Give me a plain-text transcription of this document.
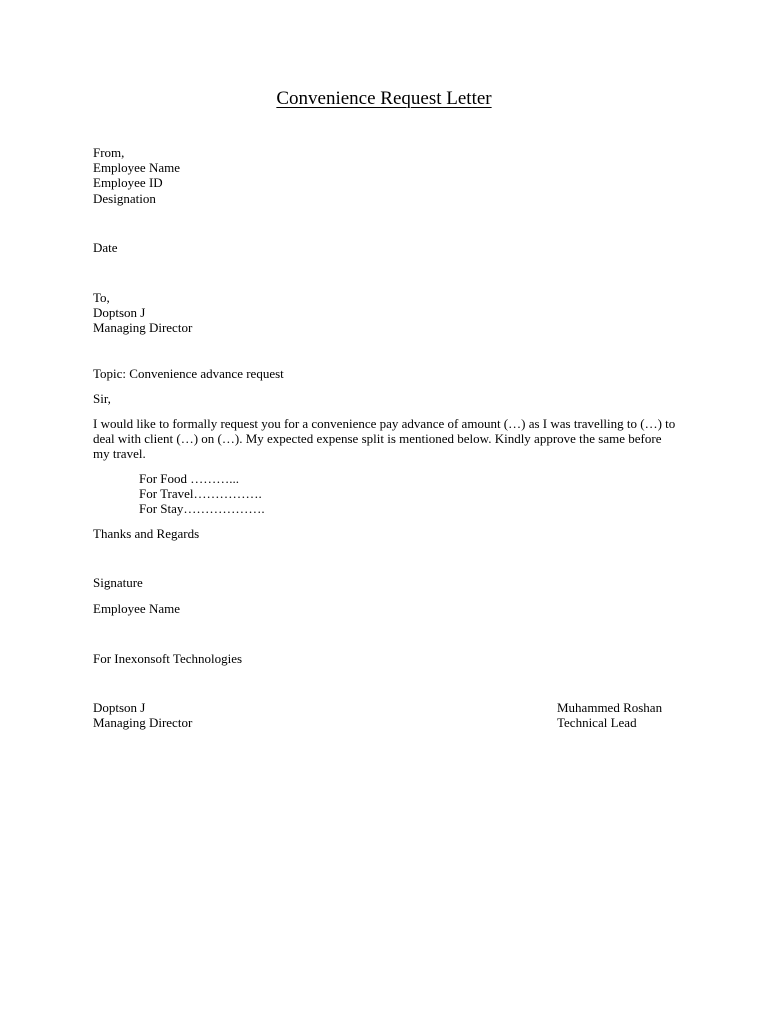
Convenience Request Letter
From,
Employee Name
Employee ID
Designation
Date
To,
Doptson J
Managing Director
Topic: Convenience advance request
Sir,

I would like to formally request you for a convenience pay advance of amount (…) as I was travelling to (…) to deal with client (…) on (…). My expected expense split is mentioned below. Kindly approve the same before my travel.

For Food ………...
For Travel…………….
For Stay……………….
Thanks and Regards
Signature
Employee Name
For Inexonsoft Technologies
Doptson J
Managing Director
Muhammed Roshan
Technical Lead
